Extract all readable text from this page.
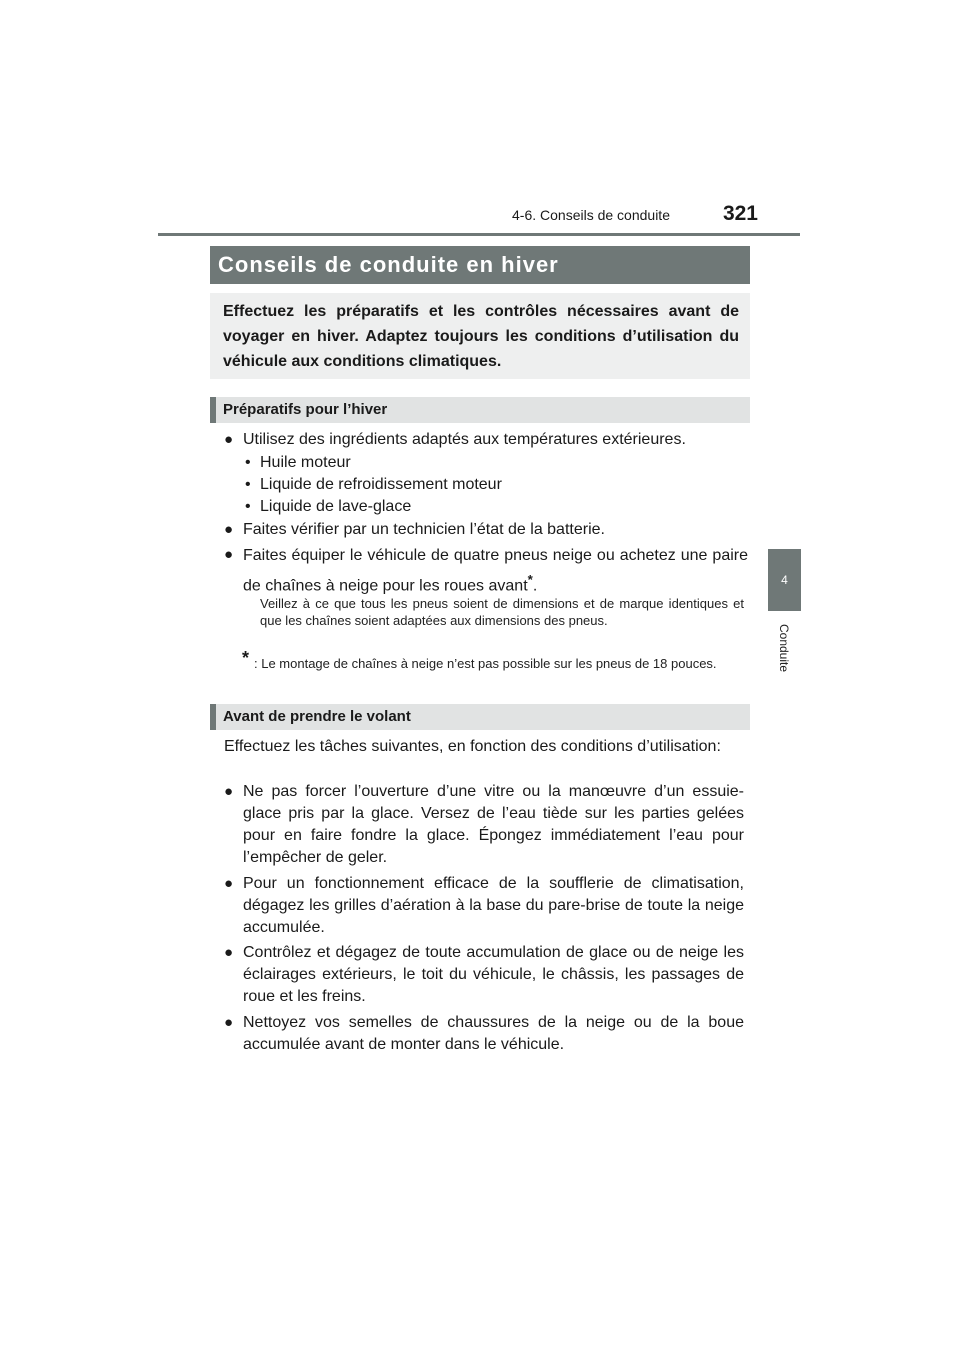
4-6. Conseils de conduite	321
4
Conduite
Conseils de conduite en hiver
Effectuez les préparatifs et les contrôles nécessaires avant de voyager en hiver. Adaptez toujours les conditions d’utilisation du véhicule aux conditions climatiques.
Préparatifs pour l’hiver
● Utilisez des ingrédients adaptés aux températures extérieures.
• Huile moteur
• Liquide de refroidissement moteur
• Liquide de lave-glace
● Faites vérifier par un technicien l’état de la batterie.
● Faites équiper le véhicule de quatre pneus neige ou achetez une paire de chaînes à neige pour les roues avant*.
Veillez à ce que tous les pneus soient de dimensions et de marque identiques et que les chaînes soient adaptées aux dimensions des pneus.
* : Le montage de chaînes à neige n’est pas possible sur les pneus de 18 pouces.
Avant de prendre le volant
Effectuez les tâches suivantes, en fonction des conditions d’utilisation:
● Ne pas forcer l’ouverture d’une vitre ou la manœuvre d’un essuie-glace pris par la glace. Versez de l’eau tiède sur les parties gelées pour en faire fondre la glace. Épongez immédiatement l’eau pour l’empêcher de geler.
● Pour un fonctionnement efficace de la soufflerie de climatisation, dégagez les grilles d’aération à la base du pare-brise de toute la neige accumulée.
● Contrôlez et dégagez de toute accumulation de glace ou de neige les éclairages extérieurs, le toit du véhicule, le châssis, les passages de roue et les freins.
● Nettoyez vos semelles de chaussures de la neige ou de la boue accumulée avant de monter dans le véhicule.
